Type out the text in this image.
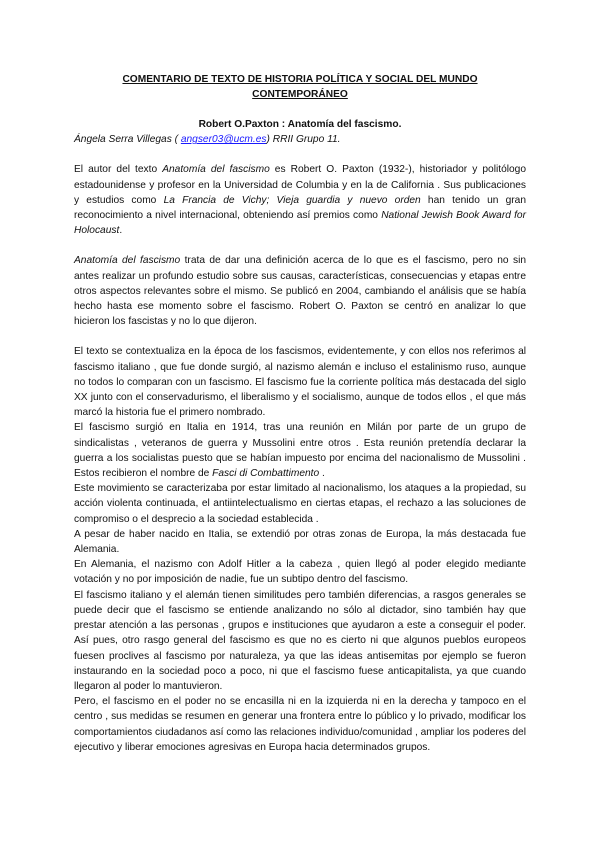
COMENTARIO DE TEXTO DE HISTORIA POLÍTICA Y SOCIAL DEL MUNDO CONTEMPORÁNEO
Robert O.Paxton : Anatomía del fascismo.

Ángela Serra Villegas ( angser03@ucm.es) RRII Grupo 11.

El autor del texto Anatomía del fascismo es Robert O. Paxton (1932-), historiador y politólogo estadounidense y profesor en la Universidad de Columbia y en la de California . Sus publicaciones y estudios como La Francia de Vichy; Vieja guardia y nuevo orden han tenido un gran reconocimiento a nivel internacional, obteniendo así premios como National Jewish Book Award for Holocaust.

Anatomía del fascismo trata de dar una definición acerca de lo que es el fascismo, pero no sin antes realizar un profundo estudio sobre sus causas, características, consecuencias y etapas entre otros aspectos relevantes sobre el mismo. Se publicó en 2004, cambiando el análisis que se había hecho hasta ese momento sobre el fascismo. Robert O. Paxton se centró en analizar lo que hicieron los fascistas y no lo que dijeron.

El texto se contextualiza en la época de los fascismos, evidentemente, y con ellos nos referimos al fascismo italiano , que fue donde surgió, al nazismo alemán e incluso el estalinismo ruso, aunque no todos lo comparan con un fascismo. El fascismo fue la corriente política más destacada del siglo XX junto con el conservadurismo, el liberalismo y el socialismo, aunque de todos ellos , el que más marcó la historia fue el primero nombrado.

El fascismo surgió en Italia en 1914, tras una reunión en Milán por parte de un grupo de sindicalistas , veteranos de guerra y Mussolini entre otros . Esta reunión pretendía declarar la guerra a los socialistas puesto que se habían impuesto por encima del nacionalismo de Mussolini . Estos recibieron el nombre de Fasci di Combattimento .

Este movimiento se caracterizaba por estar limitado al nacionalismo, los ataques a la propiedad, su acción violenta continuada, el antiintelectualismo en ciertas etapas, el rechazo a las soluciones de compromiso o el desprecio a la sociedad establecida .

A pesar de haber nacido en Italia, se extendió por otras zonas de Europa, la más destacada fue Alemania.

En Alemania, el nazismo con Adolf Hitler a la cabeza , quien llegó al poder elegido mediante votación y no por imposición de nadie, fue un subtipo dentro del fascismo.

El fascismo italiano y el alemán tienen similitudes pero también diferencias, a rasgos generales se puede decir que el fascismo se entiende analizando no sólo al dictador, sino también hay que prestar atención a las personas , grupos e instituciones que ayudaron a este a conseguir el poder. Así pues, otro rasgo general del fascismo es que no es cierto ni que algunos pueblos europeos fuesen proclives al fascismo por naturaleza, ya que las ideas antisemitas por ejemplo se fueron instaurando en la sociedad poco a poco, ni que el fascismo fuese anticapitalista, ya que cuando llegaron al poder lo mantuvieron.

Pero, el fascismo en el poder no se encasilla ni en la izquierda ni en la derecha y tampoco en el centro , sus medidas se resumen en generar una frontera entre lo público y lo privado, modificar los comportamientos ciudadanos así como las relaciones individuo/comunidad , ampliar los poderes del ejecutivo y liberar emociones agresivas en Europa hacia determinados grupos.
